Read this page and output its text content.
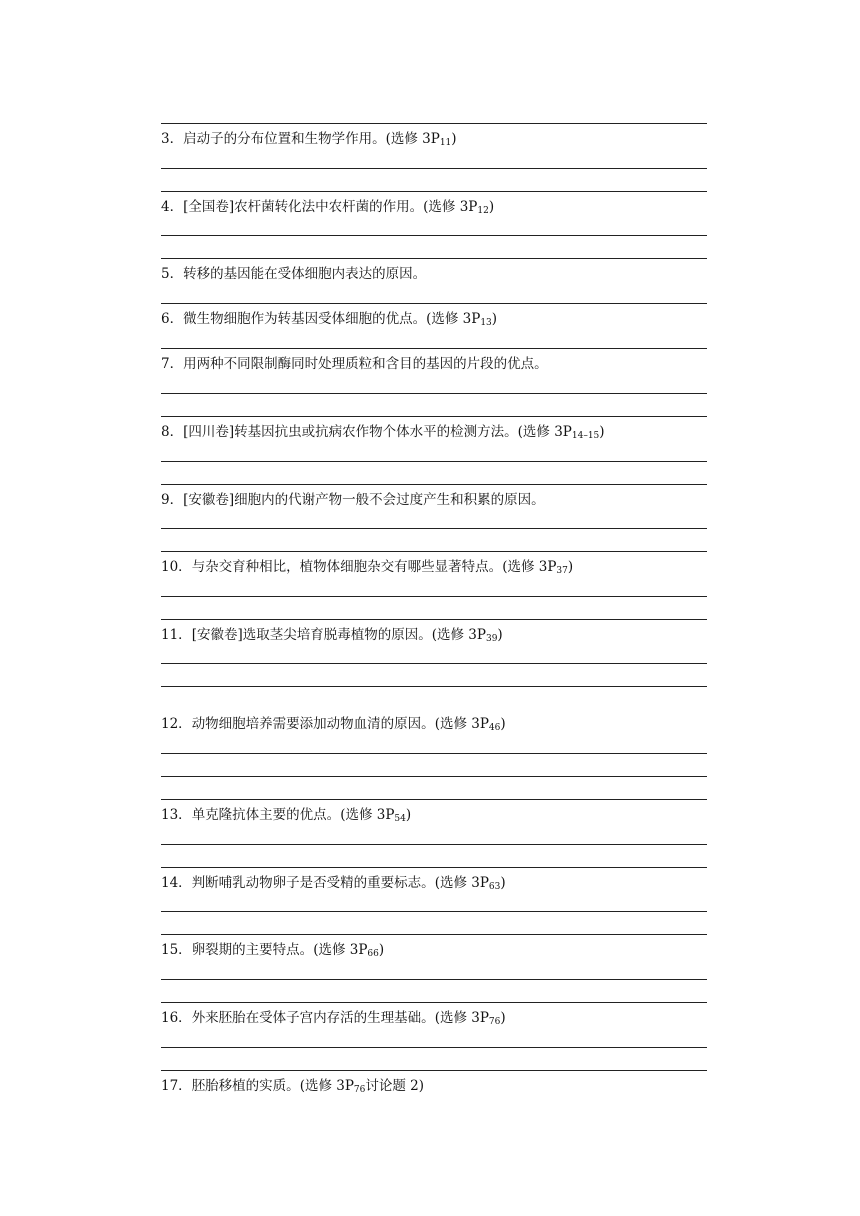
3．启动子的分布位置和生物学作用。(选修 $3P_{11}$)
4．[全国卷]农杆菌转化法中农杆菌的作用。(选修 $3P_{12}$)
5．转移的基因能在受体细胞内表达的原因。
6．微生物细胞作为转基因受体细胞的优点。(选修 $3P_{13}$)
7．用两种不同限制酶同时处理质粒和含目的基因的片段的优点。
8．[四川卷]转基因抗虫或抗病农作物个体水平的检测方法。(选修 $3P_{14-15}$)
9．[安徽卷]细胞内的代谢产物一般不会过度产生和积累的原因。
10．与杂交育种相比，植物体细胞杂交有哪些显著特点。(选修 $3P_{37}$)
11．[安徽卷]选取茎尖培育脱毒植物的原因。(选修 $3P_{39}$)
12．动物细胞培养需要添加动物血清的原因。(选修 $3P_{46}$)
13．单克隆抗体主要的优点。(选修 $3P_{54}$)
14．判断哺乳动物卵子是否受精的重要标志。(选修 $3P_{63}$)
15．卵裂期的主要特点。(选修 $3P_{66}$)
16．外来胚胎在受体子宫内存活的生理基础。(选修 $3P_{76}$)
17．胚胎移植的实质。(选修 $3P_{76}$讨论题 2)
